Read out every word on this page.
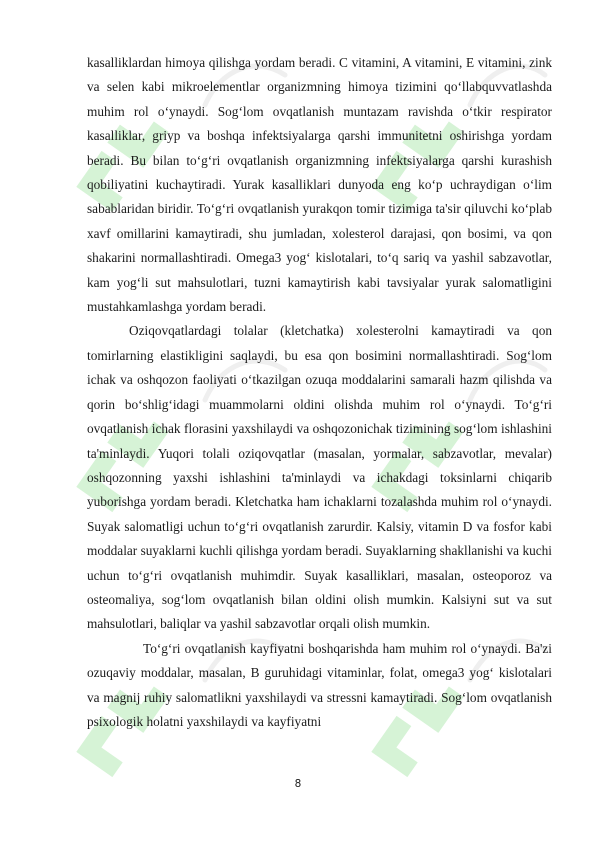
kasalliklardan himoya qilishga yordam beradi. C vitamini, A vitamini, E vitamini, zink va selen kabi mikroelementlar organizmning himoya tizimini qo‘llabquvvatlashda muhim rol o‘ynaydi. Sog‘lom ovqatlanish muntazam ravishda o‘tkir respirator kasalliklar, griyp va boshqa infektsiyalarga qarshi immunitetni oshirishga yordam beradi. Bu bilan to‘g‘ri ovqatlanish organizmning infektsiyalarga qarshi kurashish qobiliyatini kuchaytiradi. Yurak kasalliklari dunyoda eng ko‘p uchraydigan o‘lim sabablaridan biridir. To‘g‘ri ovqatlanish yurakqon tomir tizimiga ta'sir qiluvchi ko‘plab xavf omillarini kamaytiradi, shu jumladan, xolesterol darajasi, qon bosimi, va qon shakarini normallashtiradi. Omega3 yog‘ kislotalari, to‘q sariq va yashil sabzavotlar, kam yog‘li sut mahsulotlari, tuzni kamaytirish kabi tavsiyalar yurak salomatligini mustahkamlashga yordam beradi.

Oziqovqatlardagi tolalar (kletchatka) xolesterolni kamaytiradi va qon tomirlarning elastikligini saqlaydi, bu esa qon bosimini normallashtiradi. Sog‘lom ichak va oshqozon faoliyati o‘tkazilgan ozuqa moddalarini samarali hazm qilishda va qorin bo‘shlig‘idagi muammolarni oldini olishda muhim rol o‘ynaydi. To‘g‘ri ovqatlanish ichak florasini yaxshilaydi va oshqozonichak tizimining sog‘lom ishlashini ta'minlaydi. Yuqori tolali oziqovqatlar (masalan, yormalar, sabzavotlar, mevalar) oshqozonning yaxshi ishlashini ta'minlaydi va ichakdagi toksinlarni chiqarib yuborishga yordam beradi. Kletchatka ham ichaklarni tozalashda muhim rol o‘ynaydi. Suyak salomatligi uchun to‘g‘ri ovqatlanish zarurdir. Kalsiy, vitamin D va fosfor kabi moddalar suyaklarni kuchli qilishga yordam beradi. Suyaklarning shakllanishi va kuchi uchun to‘g‘ri ovqatlanish muhimdir. Suyak kasalliklari, masalan, osteoporoz va osteomaliya, sog‘lom ovqatlanish bilan oldini olish mumkin. Kalsiyni sut va sut mahsulotlari, baliqlar va yashil sabzavotlar orqali olish mumkin.

To‘g‘ri ovqatlanish kayfiyatni boshqarishda ham muhim rol o‘ynaydi. Ba'zi ozuqaviy moddalar, masalan, B guruhidagi vitaminlar, folat, omega3 yog‘ kislotalari va magnij ruhiy salomatlikni yaxshilaydi va stressni kamaytiradi. Sog‘lom ovqatlanish psixologik holatni yaxshilaydi va kayfiyatni

8
